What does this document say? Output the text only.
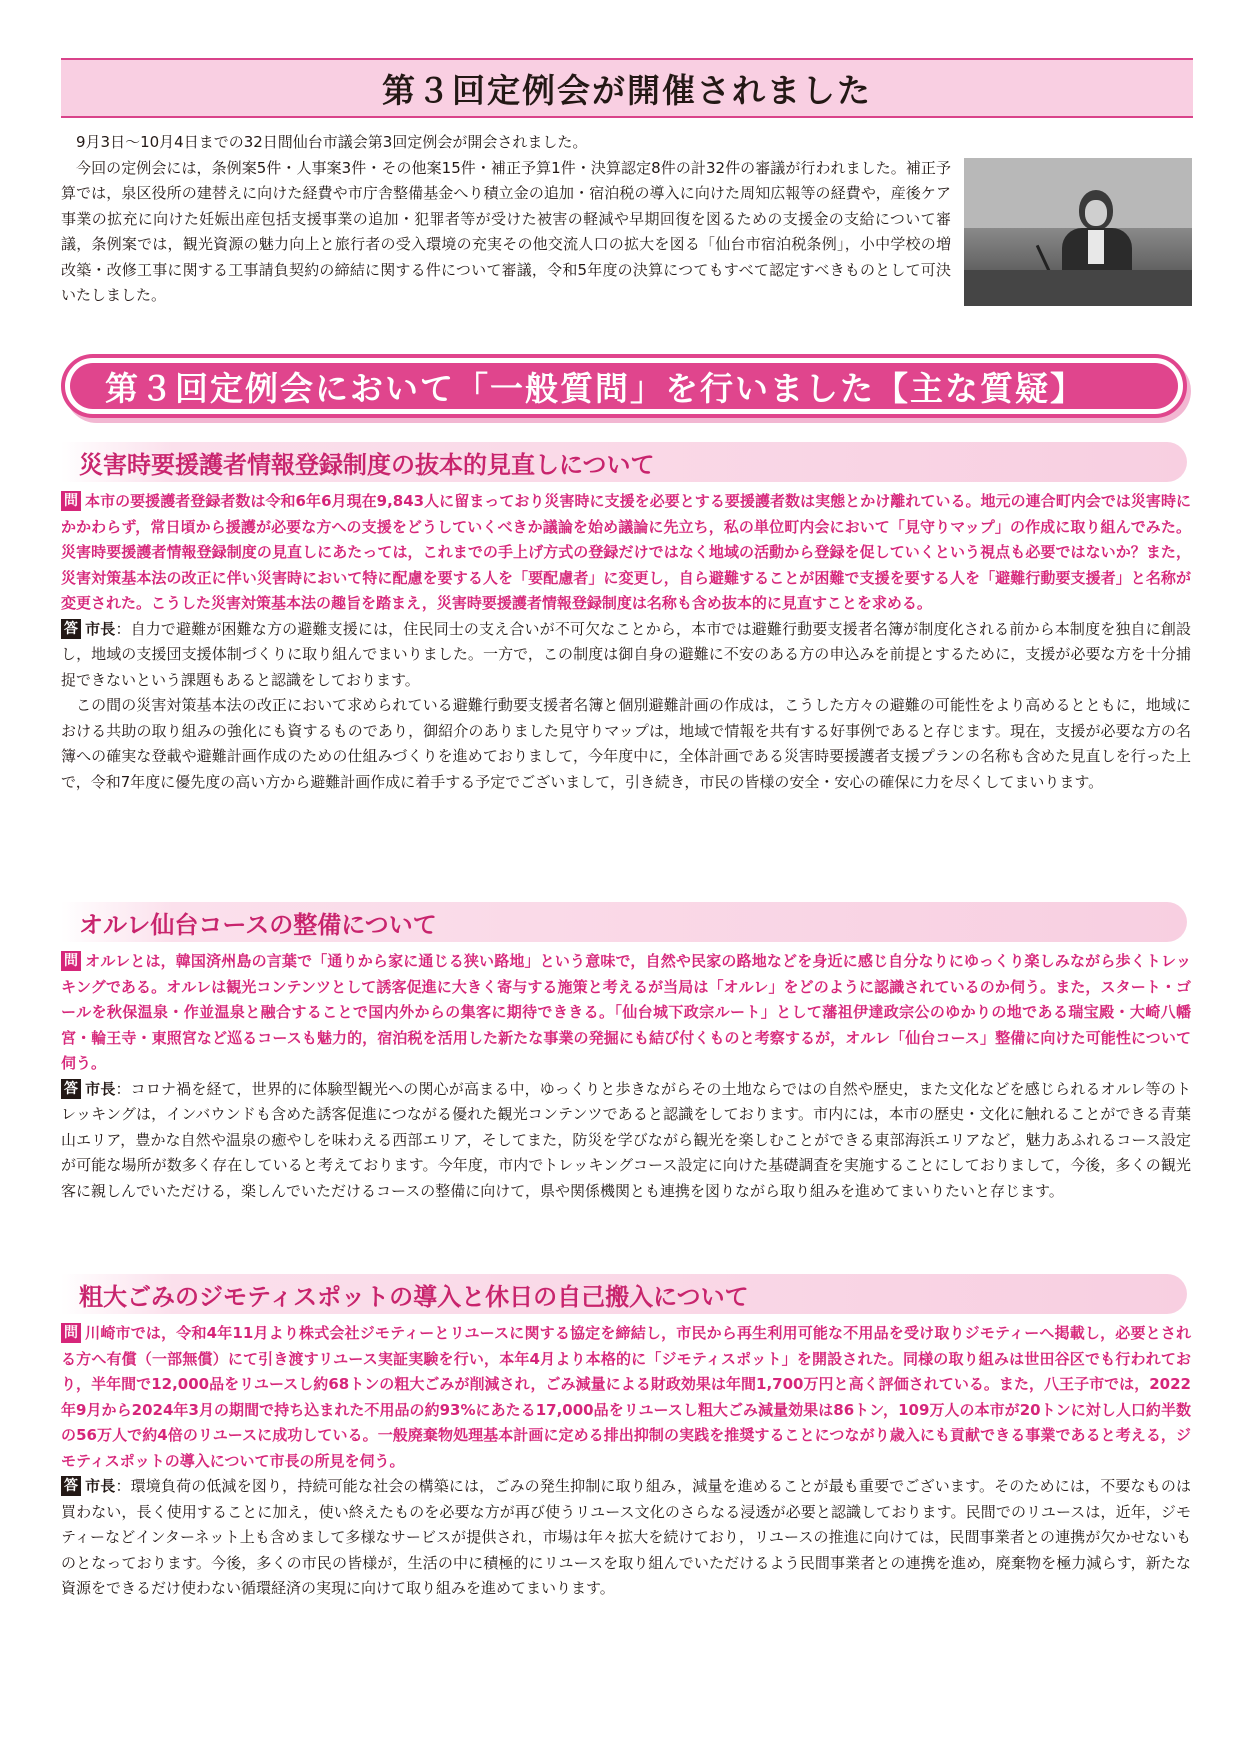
第３回定例会が開催されました

9月3日～10月4日までの32日間仙台市議会第3回定例会が開会されました。

今回の定例会には，条例案5件・人事案3件・その他案15件・補正予算1件・決算認定8件の計32件の審議が行われました。補正予算では，泉区役所の建替えに向けた経費や市庁舎整備基金へり積立金の追加・宿泊税の導入に向けた周知広報等の経費や，産後ケア事業の拡充に向けた妊娠出産包括支援事業の追加・犯罪者等が受けた被害の軽減や早期回復を図るための支援金の支給について審議，条例案では，観光資源の魅力向上と旅行者の受入環境の充実その他交流人口の拡大を図る「仙台市宿泊税条例」，小中学校の増改築・改修工事に関する工事請負契約の締結に関する件について審議，令和5年度の決算につてもすべて認定すべきものとして可決いたしました。

第３回定例会において「一般質問」を行いました【主な質疑】
災害時要援護者情報登録制度の抜本的見直しについて

問 本市の要援護者登録者数は令和6年6月現在9,843人に留まっており災害時に支援を必要とする要援護者数は実態とかけ離れている。地元の連合町内会では災害時にかかわらず，常日頃から援護が必要な方への支援をどうしていくべきか議論を始め議論に先立ち，私の単位町内会において「見守りマップ」の作成に取り組んでみた。災害時要援護者情報登録制度の見直しにあたっては，これまでの手上げ方式の登録だけではなく地域の活動から登録を促していくという視点も必要ではないか？また，災害対策基本法の改正に伴い災害時において特に配慮を要する人を「要配慮者」に変更し，自ら避難することが困難で支援を要する人を「避難行動要支援者」と名称が変更された。こうした災害対策基本法の趣旨を踏まえ，災害時要援護者情報登録制度は名称も含め抜本的に見直すことを求める。

答 市長：自力で避難が困難な方の避難支援には，住民同士の支え合いが不可欠なことから，本市では避難行動要支援者名簿が制度化される前から本制度を独自に創設し，地域の支援団支援体制づくりに取り組んでまいりました。一方で，この制度は御自身の避難に不安のある方の申込みを前提とするために，支援が必要な方を十分捕捉できないという課題もあると認識をしております。

この間の災害対策基本法の改正において求められている避難行動要支援者名簿と個別避難計画の作成は，こうした方々の避難の可能性をより高めるとともに，地域における共助の取り組みの強化にも資するものであり，御紹介のありました見守りマップは，地域で情報を共有する好事例であると存じます。現在，支援が必要な方の名簿への確実な登載や避難計画作成のための仕組みづくりを進めておりまして，今年度中に，全体計画である災害時要援護者支援プランの名称も含めた見直しを行った上で，令和7年度に優先度の高い方から避難計画作成に着手する予定でございまして，引き続き，市民の皆様の安全・安心の確保に力を尽くしてまいります。

オルレ仙台コースの整備について

問 オルレとは，韓国済州島の言葉で「通りから家に通じる狭い路地」という意味で，自然や民家の路地などを身近に感じ自分なりにゆっくり楽しみながら歩くトレッキングである。オルレは観光コンテンツとして誘客促進に大きく寄与する施策と考えるが当局は「オルレ」をどのように認識されているのか伺う。また，スタート・ゴールを秋保温泉・作並温泉と融合することで国内外からの集客に期待でききる。「仙台城下政宗ルート」として藩祖伊達政宗公のゆかりの地である瑞宝殿・大崎八幡宮・輪王寺・東照宮など巡るコースも魅力的，宿泊税を活用した新たな事業の発掘にも結び付くものと考察するが，オルレ「仙台コース」整備に向けた可能性について伺う。

答 市長：コロナ禍を経て，世界的に体験型観光への関心が高まる中，ゆっくりと歩きながらその土地ならではの自然や歴史，また文化などを感じられるオルレ等のトレッキングは，インバウンドも含めた誘客促進につながる優れた観光コンテンツであると認識をしております。市内には，本市の歴史・文化に触れることができる青葉山エリア，豊かな自然や温泉の癒やしを味わえる西部エリア，そしてまた，防災を学びながら観光を楽しむことができる東部海浜エリアなど，魅力あふれるコース設定が可能な場所が数多く存在していると考えております。今年度，市内でトレッキングコース設定に向けた基礎調査を実施することにしておりまして，今後，多くの観光客に親しんでいただける，楽しんでいただけるコースの整備に向けて，県や関係機関とも連携を図りながら取り組みを進めてまいりたいと存じます。

粗大ごみのジモティスポットの導入と休日の自己搬入について

問 川崎市では，令和4年11月より株式会社ジモティーとリユースに関する協定を締結し，市民から再生利用可能な不用品を受け取りジモティーへ掲載し，必要とされる方へ有償（一部無償）にて引き渡すリユース実証実験を行い，本年4月より本格的に「ジモティスポット」を開設された。同様の取り組みは世田谷区でも行われており，半年間で12,000品をリユースし約68トンの粗大ごみが削減され，ごみ減量による財政効果は年間1,700万円と高く評価されている。また，八王子市では，2022年9月から2024年3月の期間で持ち込まれた不用品の約93%にあたる17,000品をリユースし粗大ごみ減量効果は86トン，109万人の本市が20トンに対し人口約半数の56万人で約4倍のリユースに成功している。一般廃棄物処理基本計画に定める排出抑制の実践を推奨することにつながり歳入にも貢献できる事業であると考える，ジモティスポットの導入について市長の所見を伺う。

答 市長：環境負荷の低減を図り，持続可能な社会の構築には，ごみの発生抑制に取り組み，減量を進めることが最も重要でございます。そのためには，不要なものは買わない，長く使用することに加え，使い終えたものを必要な方が再び使うリユース文化のさらなる浸透が必要と認識しております。民間でのリユースは，近年，ジモティーなどインターネット上も含めまして多様なサービスが提供され，市場は年々拡大を続けており，リユースの推進に向けては，民間事業者との連携が欠かせないものとなっております。今後，多くの市民の皆様が，生活の中に積極的にリユースを取り組んでいただけるよう民間事業者との連携を進め，廃棄物を極力減らす，新たな資源をできるだけ使わない循環経済の実現に向けて取り組みを進めてまいります。
